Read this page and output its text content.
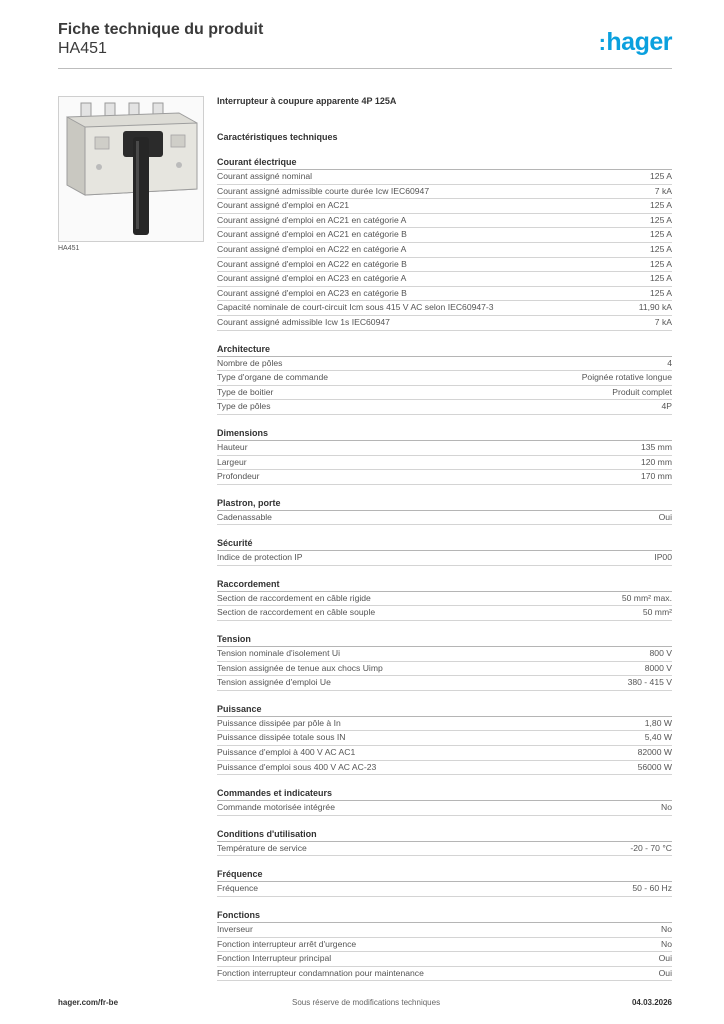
Fiche technique du produit
HA451	:hager
HA451
Interrupteur à coupure apparente 4P 125A
Caractéristiques techniques
Courant électrique
Courant assigné nominal	125 A
Courant assigné admissible courte durée Icw IEC60947	7 kA
Courant assigné d'emploi en AC21	125 A
Courant assigné d'emploi en AC21 en catégorie A	125 A
Courant assigné d'emploi en AC21 en catégorie B	125 A
Courant assigné d'emploi en AC22 en catégorie A	125 A
Courant assigné d'emploi en AC22 en catégorie B	125 A
Courant assigné d'emploi en AC23 en catégorie A	125 A
Courant assigné d'emploi en AC23 en catégorie B	125 A
Capacité nominale de court-circuit Icm sous 415 V AC selon IEC60947-3	11,90 kA
Courant assigné admissible Icw 1s IEC60947	7 kA
Architecture
Nombre de pôles	4
Type d'organe de commande	Poignée rotative longue
Type de boitier	Produit complet
Type de pôles	4P
Dimensions
Hauteur	135 mm
Largeur	120 mm
Profondeur	170 mm
Plastron, porte
Cadenassable	Oui
Sécurité
Indice de protection IP	IP00
Raccordement
Section de raccordement en câble rigide	50 mm² max.
Section de raccordement en câble souple	50 mm²
Tension
Tension nominale d'isolement Ui	800 V
Tension assignée de tenue aux chocs Uimp	8000 V
Tension assignée d'emploi Ue	380 - 415 V
Puissance
Puissance dissipée par pôle à In	1,80 W
Puissance dissipée totale sous IN	5,40 W
Puissance d'emploi à 400 V AC AC1	82000 W
Puissance d'emploi sous 400 V AC AC-23	56000 W
Commandes et indicateurs
Commande motorisée intégrée	No
Conditions d'utilisation
Température de service	-20 - 70 °C
Fréquence
Fréquence	50 - 60 Hz
Fonctions
Inverseur	No
Fonction interrupteur arrêt d'urgence	No
Fonction Interrupteur principal	Oui
Fonction interrupteur condamnation pour maintenance	Oui
hager.com/fr-be	Sous réserve de modifications techniques	04.03.2026
